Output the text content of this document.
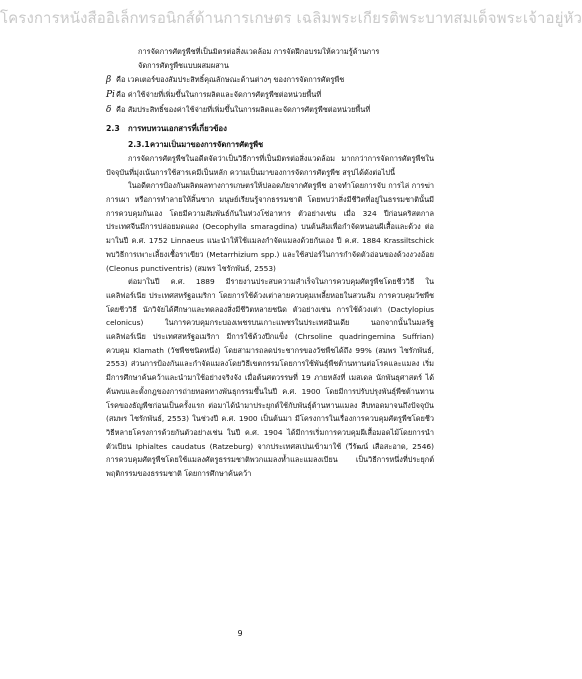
โครงการหนังสืออิเล็กทรอนิกส์ด้านการเกษตร เฉลิมพระเกียรติพระบาทสมเด็จพระเจ้าอยู่หัว

การจัดการศัตรูพืชที่เป็นมิตรต่อสิ่งแวดล้อม การจัดฝึกอบรมให้ความรู้ด้านการ

จัดการศัตรูพืชแบบผสมผสาน

β คือ เวคเตอร์ของสัมประสิทธิ์คุณลักษณะด้านต่างๆ ของการจัดการศัตรูพืช
Pi คือ ค่าใช้จ่ายที่เพิ่มขึ้นในการผลิตและจัดการศัตรูพืชต่อหน่วยพื้นที่
δ คือ สัมประสิทธิ์ของค่าใช้จ่ายที่เพิ่มขึ้นในการผลิตและจัดการศัตรูพืชต่อหน่วยพื้นที่
2.3	การทบทวนเอกสารที่เกี่ยวข้อง
2.3.1 ความเป็นมาของการจัดการศัตรูพืช

การจัดการศัตรูพืชในอดีตจัดว่าเป็นวิธีการที่เป็นมิตรต่อสิ่งแวดล้อม มากกว่าการจัดการศัตรูพืชในปัจจุบันที่มุ่งเน้นการใช้สารเคมีเป็นหลัก ความเป็นมาของการจัดการศัตรูพืช สรุปได้ดังต่อไปนี้

ในอดีตการป้องกันผลิตผลทางการเกษตรให้ปลอดภัยจากศัตรูพืช อาจทำโดยการจับ การไล่ การฆ่า การเผา หรือการทำลายให้สิ้นซาก มนุษย์เรียนรู้จากธรรมชาติ โดยพบว่าสิ่งมีชีวิตที่อยู่ในธรรมชาตินั้นมีการควบคุมกันเอง โดยมีความสัมพันธ์กันในห่วงโซ่อาหาร ตัวอย่างเช่น เมื่อ 324 ปีก่อนคริสตกาล ประเทศจีนมีการปล่อยมดแดง (Oecophylla smaragdina) บนต้นส้มเพื่อกำจัดหนอนผีเสื้อและด้วง ต่อมาในปี ค.ศ. 1752 Linnaeus แนะนำให้ใช้แมลงกำจัดแมลงด้วยกันเอง ปี ค.ศ. 1884 Krassiltschick พบวิธีการเพาะเลี้ยงเชื้อราเขียว (Metarrhizium spp.) และใช้สปอร์ในการกำจัดตัวอ่อนของด้วงงวงอ้อย (Cleonus punctiventris) (สมพร ไชรักพันธ์, 2553)

ต่อมาในปี ค.ศ. 1889 มีรายงานประสบความสำเร็จในการควบคุมศัตรูพืชโดยชีววิธี ในแคลิฟอร์เนีย ประเทศสหรัฐอเมริกา โดยการใช้ด้วงเต่าลายควบคุมเพลี้ยหอยในสวนส้ม การควบคุมวัชพืชโดยชีววิธี นักวิจัยได้ศึกษาและทดลองสิ่งมีชีวิตหลายชนิด ตัวอย่างเช่น การใช้ด้วงเต่า (Dactylopius celonicus) ในการควบคุมกระบองเพชรบนเกาะแพชรในประเทศอินเดีย นอกจากนั้นในมลรัฐแคลิฟอร์เนีย ประเทศสหรัฐอเมริกา มีการใช้ด้วงปีกแข็ง (Chrsoline quadringemina Suffrian) ควบคุม Klamath (วัชพืชชนิดหนึ่ง) โดยสามารถลดประชากรของวัชพืชได้ถึง 99% (สมพร ไชรักพันธ์, 2553) ส่วนการป้องกันและกำจัดแมลงโดยวิธีเขตกรรมโดยการใช้พันธุ์พืชต้านทานต่อโรคและแมลง เริ่มมีการศึกษาค้นคว้าและนำมาใช้อย่างจริงจัง เมื่อต้นศตวรรษที่ 19 ภายหลังที่ เมสเดล นักพันธุศาสตร์ ได้ค้นพบและตั้งกฎของการถ่ายทอดทางพันธุกรรมขึ้นในปี ค.ศ. 1900 โดยมีการปรับปรุงพันธุ์พืชต้านทานโรคของธัญพืชก่อนเป็นครั้งแรก ต่อมาได้นำมาประยุกต์ใช้กับพันธุ์ต้านทานแมลง สืบทอดมาจนถึงปัจจุบัน (สมพร ไชรักพันธ์, 2553) ในช่วงปี ค.ศ. 1900 เป็นต้นมา มีโครงการในเรื่องการควบคุมศัตรูพืชโดยชีววิธีหลายโครงการด้วยกันตัวอย่างเช่น ในปี ค.ศ. 1904 ได้มีการเริ่มการควบคุมผีเสื้อมอดไม้โดยการนำตัวเบียน Iphialtes caudatus (Ratzeburg) จากประเทศสเปนเข้ามาใช้ (วีรัฒน์ เสือสะอาด, 2546) การควบคุมศัตรูพืชโดยใช้แมลงศัตรูธรรมชาติพวกแมลงห้ำและแมลงเบียน เป็นวิธีการหนึ่งที่ประยุกต์พฤติกรรมของธรรมชาติ โดยการศึกษาค้นคว้า

9
